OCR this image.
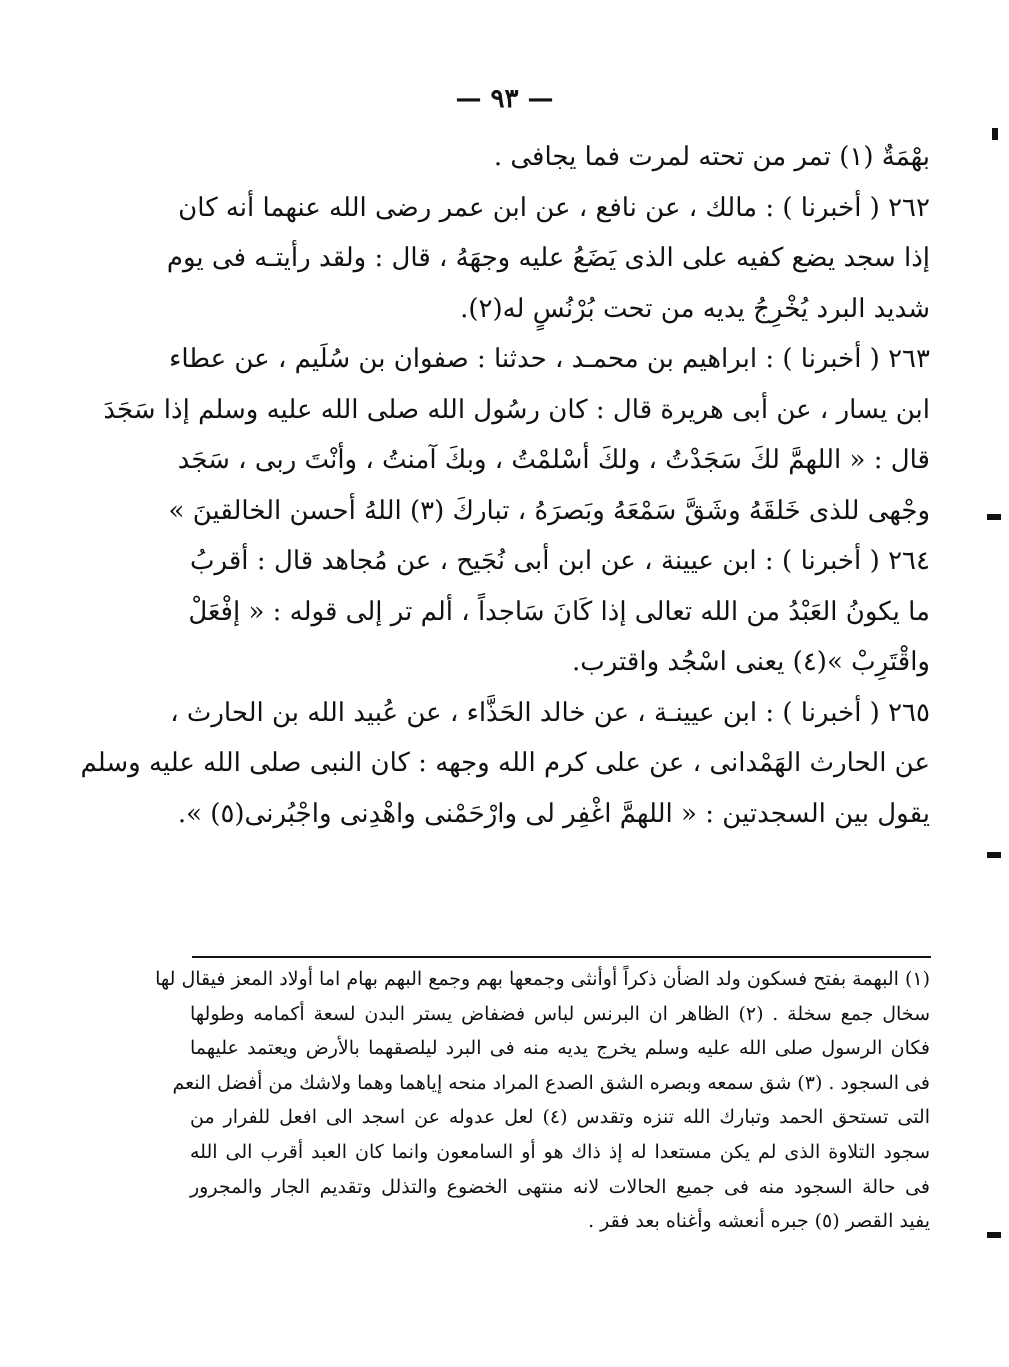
— ٩٣ —
بهْمَةٌ (١) تمر من تحته لمرت فما يجافى .
٢٦٢ ( أخبرنا ) : مالك ، عن نافع ، عن ابن عمر رضى الله عنهما أنه كان
إذا سجد يضع كفيه على الذى يَضَعُ عليه وجهَهُ ، قال : ولقد رأيتـه فى يوم
شديد البرد يُخْرِجُ يديه من تحت بُرْنُسٍ له(٢).
٢٦٣ ( أخبرنا ) : ابراهيم بن محمـد ، حدثنا : صفوان بن سُلَيم ، عن عطاء
ابن يسار ، عن أبى هريرة قال : كان رسُول الله صلى الله عليه وسلم إذا سَجَدَ
قال : « اللهمَّ لكَ سَجَدْتُ ، ولكَ أسْلمْتُ ، وبكَ آمنتُ ، وأنْتَ ربى ، سَجَد
وجْهى للذى خَلقَهُ وشَقَّ سَمْعَهُ وبَصرَهُ ، تباركَ (٣) اللهُ أحسن الخالقينَ »
٢٦٤ ( أخبرنا ) : ابن عيينة ، عن ابن أبى نُجَيح ، عن مُجاهد قال : أقربُ
ما يكونُ العَبْدُ من الله تعالى إذا كَانَ سَاجداً ، ألم تر إلى قوله : « إفْعَلْ
واقْتَرِبْ »(٤) يعنى اسْجُد واقترب.
٢٦٥ ( أخبرنا ) : ابن عيينـة ، عن خالد الحَذَّاء ، عن عُبيد الله بن الحارث ،
عن الحارث الهَمْدانى ، عن على كرم الله وجهه : كان النبى صلى الله عليه وسلم
يقول بين السجدتين : « اللهمَّ اغْفِر لى وارْحَمْنى واهْدِنى واجْبُرنى(٥) ».
(١) البهمة بفتح فسكون ولد الضأن ذكراً أوأنثى وجمعها بهم وجمع البهم بهام اما أولاد المعز فيقال لها
سخال جمع سخلة . (٢) الظاهر ان البرنس لباس فضفاض يستر البدن لسعة أكمامه وطولها
فكان الرسول صلى الله عليه وسلم يخرج يديه منه فى البرد ليلصقهما بالأرض ويعتمد عليهما
فى السجود . (٣) شق سمعه وبصره الشق الصدع المراد منحه إياهما وهما ولاشك من أفضل النعم
التى تستحق الحمد وتبارك الله تنزه وتقدس (٤) لعل عدوله عن اسجد الى افعل للفرار من
سجود التلاوة الذى لم يكن مستعدا له إذ ذاك هو أو السامعون وانما كان العبد أقرب الى الله
فى حالة السجود منه فى جميع الحالات لانه منتهى الخضوع والتذلل وتقديم الجار والمجرور
يفيد القصر (٥) جبره أنعشه وأغناه بعد فقر .
